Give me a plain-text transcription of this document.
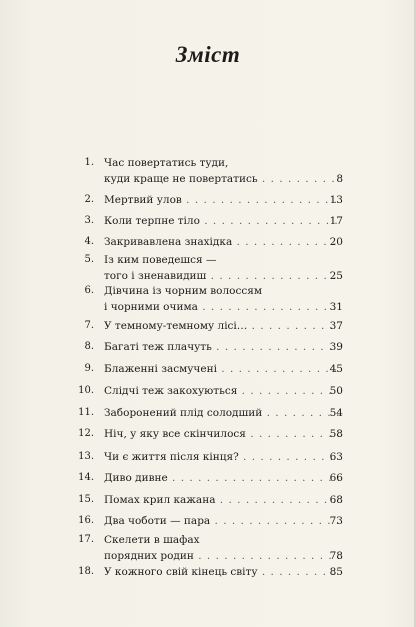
Зміст
1. Час повертатись туди,
куди краще не повертатись . . .	8
2. Мертвий улов . . .	13
3. Коли терпне тіло . . .	17
4. Закривавлена знахідка . . .	20
5. Із ким поведешся —
того і зненавидиш . . .	25
6. Дівчина із чорним волоссям
і чорними очима . . .	31
7. У темному-темному лісі… . . .	37
8. Багаті теж плачуть . . .	39
9. Блаженні засмучені . . .	45
10. Слідчі теж закохуються . . .	50
11. Заборонений плід солодший . . .	54
12. Ніч, у яку все скінчилося . . .	58
13. Чи є життя після кінця? . . .	63
14. Диво дивне . . .	66
15. Помах крил кажана . . .	68
16. Два чоботи — пара . . .	73
17. Скелети в шафах
порядних родин . . .	78
18. У кожного свій кінець світу . . .	85
